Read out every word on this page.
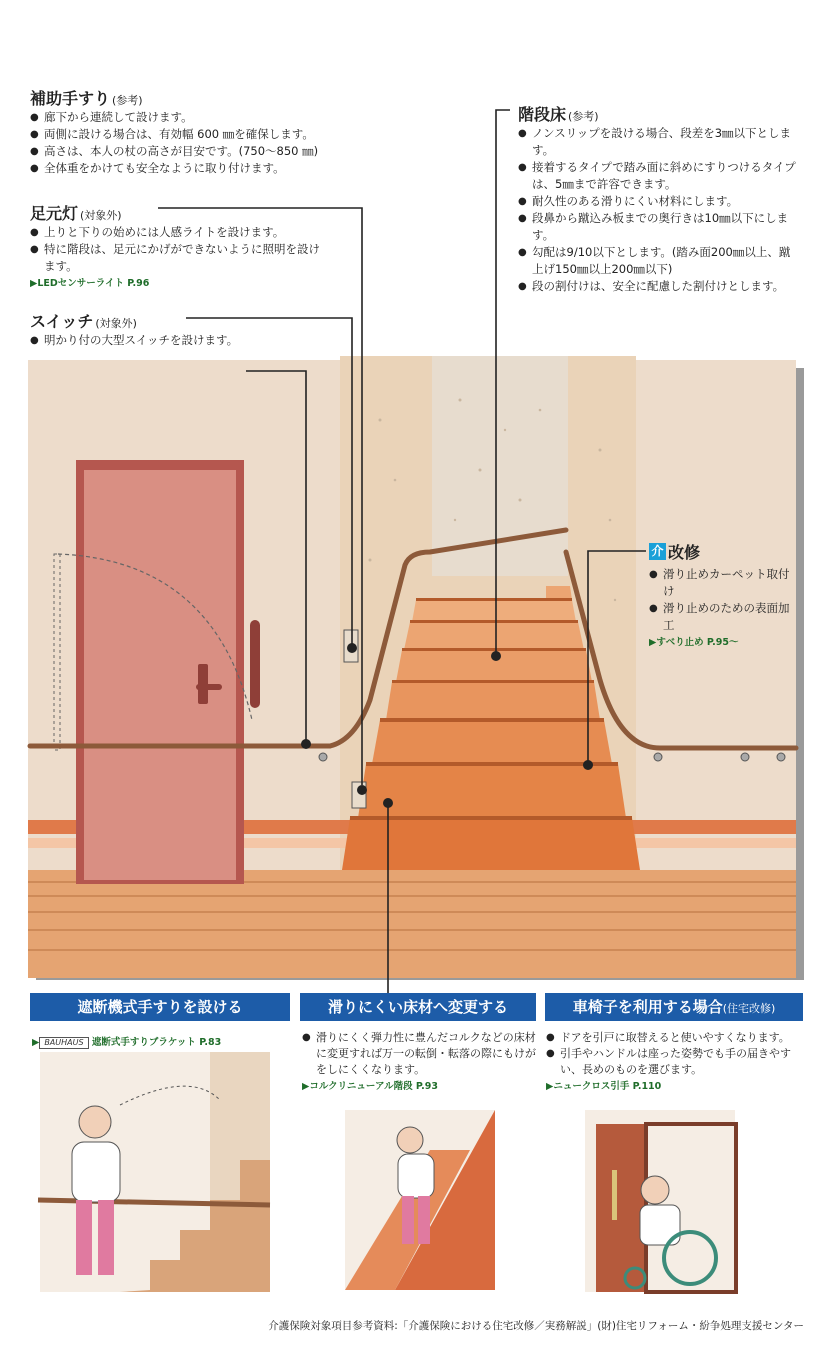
補助手すり (参考)
● 廊下から連続して設けます。
● 両側に設ける場合は、有効幅 600 ㎜を確保します。
● 高さは、本人の杖の高さが目安です。(750〜850 ㎜)
● 全体重をかけても安全なように取り付けます。
足元灯 (対象外)
● 上りと下りの始めには人感ライトを設けます。
● 特に階段は、足元にかげができないように照明を設けます。
▶LEDセンサーライト P.96
スイッチ (対象外)
● 明かり付の大型スイッチを設けます。
●

階段床 (参考)
● ノンスリップを設ける場合、段差を3㎜以下とします。
● 接着するタイプで踏み面に斜めにすりつけるタイプは、5㎜まで許容できます。
● 耐久性のある滑りにくい材料にします。
● 段鼻から蹴込み板までの奥行きは10㎜以下にします。
● 勾配は9/10以下とします。(踏み面200㎜以上、蹴上げ150㎜以上200㎜以下)
● 段の割付けは、安全に配慮した割付けとします。
介 改修
● 滑り止めカーペット取付け
● 滑り止めのための表面加工
▶すべり止め P.95〜
遮断機式手すりを設ける	滑りにくい床材へ変更する	車椅子を利用する場合(住宅改修)
▶ BAUHAUS 遮断式手すりブラケット P.83
●	滑りにくく弾力性に豊んだコルクなどの床材に変更すれば万一の転倒・転落の際にもけがをしにくくなります。
▶コルクリニューアル階段 P.93
● ドアを引戸に取替えると使いやすくなります。
● 引手やハンドルは座った姿勢でも手の届きやすい、長めのものを選びます。
▶ニュークロス引手 P.110
介護保険対象項目参考資料:「介護保険における住宅改修／実務解説」(財)住宅リフォーム・紛争処理支援センター
